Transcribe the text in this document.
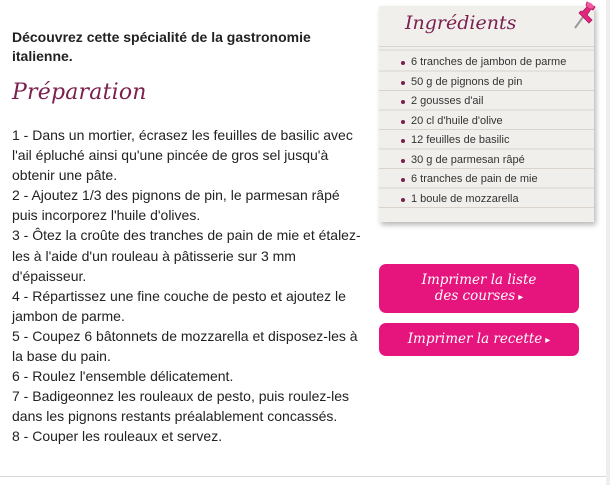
Découvrez cette spécialité de la gastronomie italienne.
Préparation
1 - Dans un mortier, écrasez les feuilles de basilic avec l'ail épluché ainsi qu'une pincée de gros sel jusqu'à obtenir une pâte.
2 - Ajoutez 1/3 des pignons de pin, le parmesan râpé puis incorporez l'huile d'olives.
3 - Ôtez la croûte des tranches de pain de mie et étalez-les à l'aide d'un rouleau à pâtisserie sur 3 mm d'épaisseur.
4 - Répartissez une fine couche de pesto et ajoutez le jambon de parme.
5 - Coupez 6 bâtonnets de mozzarella et disposez-les à la base du pain.
6 - Roulez l'ensemble délicatement.
7 - Badigeonnez les rouleaux de pesto, puis roulez-les dans les pignons restants préalablement concassés.
8 - Couper les rouleaux et servez.
Ingrédients
6 tranches de jambon de parme
50 g de pignons de pin
2 gousses d'ail
20 cl d'huile d'olive
12 feuilles de basilic
30 g de parmesan râpé
6 tranches de pain de mie
1 boule de mozzarella
Imprimer la liste
des courses ▸
Imprimer la recette ▸
